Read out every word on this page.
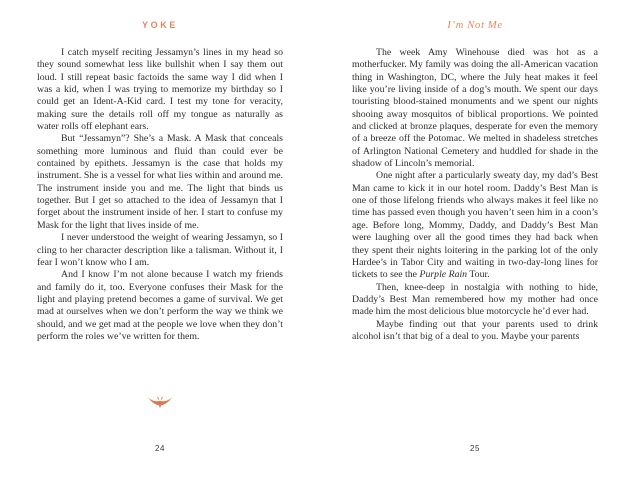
YOKE

I catch myself reciting Jessamyn’s lines in my head so they sound somewhat less like bullshit when I say them out loud. I still repeat basic factoids the same way I did when I was a kid, when I was trying to memorize my birthday so I could get an Ident-A-Kid card. I test my tone for veracity, making sure the details roll off my tongue as naturally as water rolls off elephant ears.

But “Jessamyn”? She’s a Mask. A Mask that conceals something more luminous and fluid than could ever be contained by epithets. Jessamyn is the case that holds my instrument. She is a vessel for what lies within and around me. The instrument inside you and me. The light that binds us together. But I get so attached to the idea of Jessamyn that I forget about the instrument inside of her. I start to confuse my Mask for the light that lives inside of me.

I never understood the weight of wearing Jessamyn, so I cling to her character description like a talisman. Without it, I fear I won’t know who I am.

And I know I’m not alone because I watch my friends and family do it, too. Everyone confuses their Mask for the light and playing pretend becomes a game of survival. We get mad at ourselves when we don’t perform the way we think we should, and we get mad at the people we love when they don’t perform the roles we’ve written for them.

24
I’m Not Me

The week Amy Winehouse died was hot as a motherfucker. My family was doing the all-American vacation thing in Washington, DC, where the July heat makes it feel like you’re living inside of a dog’s mouth. We spent our days touristing blood-stained monuments and we spent our nights shooing away mosquitos of biblical proportions. We pointed and clicked at bronze plaques, desperate for even the memory of a breeze off the Potomac. We melted in shadeless stretches of Arlington National Cemetery and huddled for shade in the shadow of Lincoln’s memorial.

One night after a particularly sweaty day, my dad’s Best Man came to kick it in our hotel room. Daddy’s Best Man is one of those lifelong friends who always makes it feel like no time has passed even though you haven’t seen him in a coon’s age. Before long, Mommy, Daddy, and Daddy’s Best Man were laughing over all the good times they had back when they spent their nights loitering in the parking lot of the only Hardee’s in Tabor City and waiting in two-day-long lines for tickets to see the Purple Rain Tour.

Then, knee-deep in nostalgia with nothing to hide, Daddy’s Best Man remembered how my mother had once made him the most delicious blue motorcycle he’d ever had.

Maybe finding out that your parents used to drink alcohol isn’t that big of a deal to you. Maybe your parents

25
